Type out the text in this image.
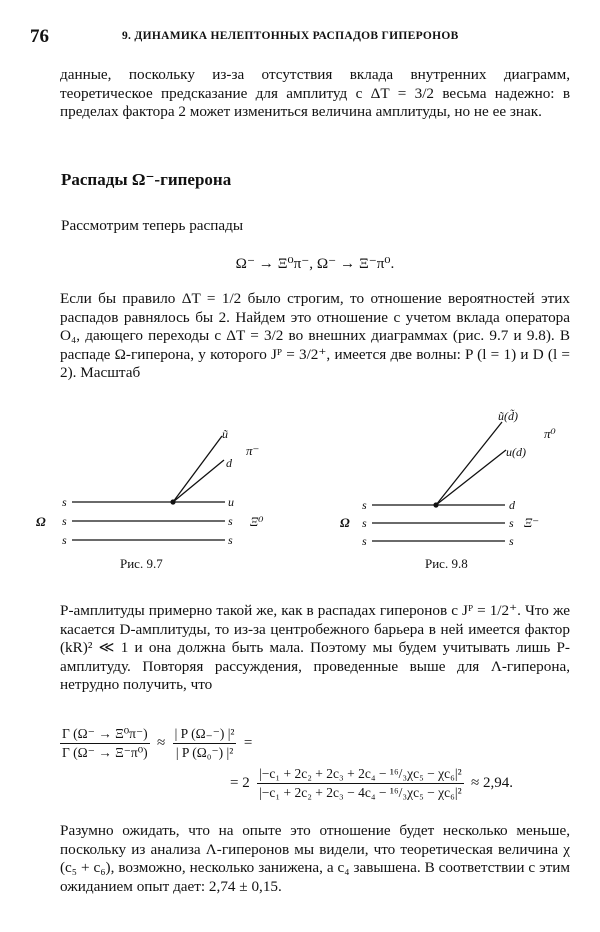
76	9. ДИНАМИКА НЕЛЕПТОННЫХ РАСПАДОВ ГИПЕРОНОВ

данные, поскольку из-за отсутствия вклада внутренних диаграмм, теоретическое предсказание для амплитуд с ΔT = 3/2 весьма надежно: в пределах фактора 2 может измениться величина амплитуды, но не ее знак.

Распады Ω⁻-гиперона
Рассмотрим теперь распады
Ω⁻ → Ξ⁰π⁻, Ω⁻ → Ξ⁻π⁰.

Если бы правило ΔT = 1/2 было строгим, то отношение вероятностей этих распадов равнялось бы 2. Найдем это отношение с учетом вклада оператора O₄, дающего переходы с ΔT = 3/2 во внешних диаграммах (рис. 9.7 и 9.8). В распаде Ω-гиперона, у которого Jᴾ = 3/2⁺, имеется две волны: P (l = 1) и D (l = 2). Масштаб

s
s
s
u
s
s
Ω	Ξ⁰
ũ
d
π⁻
Рис. 9.7
s
s
s
d
s
s
Ω	Ξ⁻
ũ(d̃)
u(d)
π⁰
Рис. 9.8

P-амплитуды примерно такой же, как в распадах гиперонов с Jᴾ = 1/2⁺. Что же касается D-амплитуды, то из-за центробежного барьера в ней имеется фактор (kR)² ≪ 1 и она должна быть мала. Поэтому мы будем учитывать лишь P-амплитуду. Повторяя рассуждения, проведенные выше для Λ-гиперона, нетрудно получить, что

$\frac{\text{Γ (Ω⁻ → Ξ⁰π⁻)}}{\text{Γ (Ω⁻ → Ξ⁻π⁰)}} \approx \frac{\text{| P (Ω₋⁻) |²}}{\text{| P (Ω₀⁻) |²}}$ =
= $2 \frac{\text{|−c₁ + 2c₂ + 2c₃ + 2c₄ − ¹⁶/₃χc₅ − χc₆|²}}{\text{|−c₁ + 2c₂ + 2c₃ − 4c₄ − ¹⁶/₃χc₅ − χc₆|²}} \approx 2,94$.

Разумно ожидать, что на опыте это отношение будет несколько меньше, поскольку из анализа Λ-гиперонов мы видели, что теоретическая величина χ (c₅ + c₆), возможно, несколько занижена, а c₄ завышена. В соответствии с этим ожиданием опыт дает: 2,74 ± 0,15.
